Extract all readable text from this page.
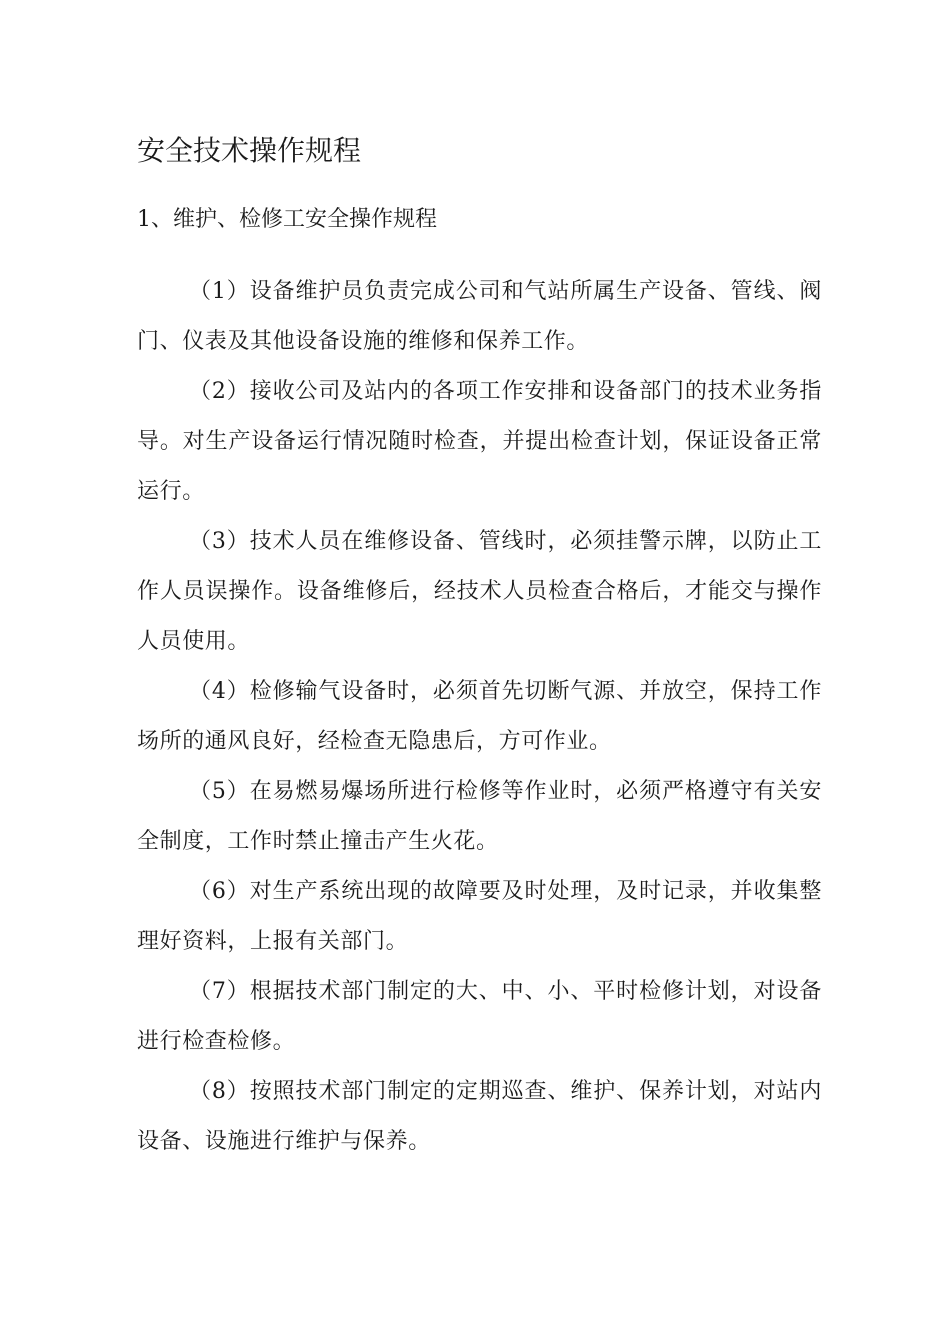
安全技术操作规程
1、维护、检修工安全操作规程

（1）设备维护员负责完成公司和气站所属生产设备、管线、阀门、仪表及其他设备设施的维修和保养工作。

（2）接收公司及站内的各项工作安排和设备部门的技术业务指导。对生产设备运行情况随时检查，并提出检查计划，保证设备正常运行。

（3）技术人员在维修设备、管线时，必须挂警示牌，以防止工作人员误操作。设备维修后，经技术人员检查合格后，才能交与操作人员使用。

（4）检修输气设备时，必须首先切断气源、并放空，保持工作场所的通风良好，经检查无隐患后，方可作业。

（5）在易燃易爆场所进行检修等作业时，必须严格遵守有关安全制度，工作时禁止撞击产生火花。

（6）对生产系统出现的故障要及时处理，及时记录，并收集整理好资料，上报有关部门。

（7）根据技术部门制定的大、中、小、平时检修计划，对设备进行检查检修。

（8）按照技术部门制定的定期巡查、维护、保养计划，对站内设备、设施进行维护与保养。
